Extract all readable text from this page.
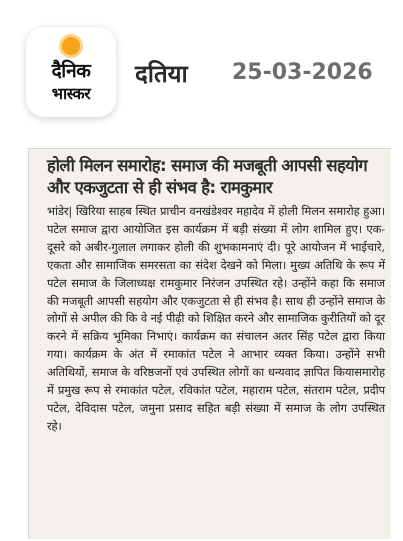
दैनिक
भास्कर
दतिया 25-03-2026
होली मिलन समारोह: समाज की मजबूती आपसी सहयोग और एकजुटता से ही संभव है: रामकुमार
भांडेर| खिरिया साहब स्थित प्राचीन वनखंडेश्वर महादेव में होली मिलन समारोह हुआ। पटेल समाज द्वारा आयोजित इस कार्यक्रम में बड़ी संख्या में लोग शामिल हुए। एक-दूसरे को अबीर-गुलाल लगाकर होली की शुभकामनाएं दी। पूरे आयोजन में भाईचारे, एकता और सामाजिक समरसता का संदेश देखने को मिला। मुख्य अतिथि के रूप में पटेल समाज के जिलाध्यक्ष रामकुमार निरंजन उपस्थित रहे। उन्होंने कहा कि समाज की मजबूती आपसी सहयोग और एकजुटता से ही संभव है। साथ ही उन्होंने समाज के लोगों से अपील की कि वे नई पीढ़ी को शिक्षित करने और सामाजिक कुरीतियों को दूर करने में सक्रिय भूमिका निभाएं। कार्यक्रम का संचालन अतर सिंह पटेल द्वारा किया गया। कार्यक्रम के अंत में रमाकांत पटेल ने आभार व्यक्त किया। उन्होंने सभी अतिथियों, समाज के वरिष्ठजनों एवं उपस्थित लोगों का धन्यवाद ज्ञापित कियासमारोह में प्रमुख रूप से रमाकांत पटेल, रविकांत पटेल, महाराम पटेल, संतराम पटेल, प्रदीप पटेल, देविदास पटेल, जमुना प्रसाद सहित बड़ी संख्या में समाज के लोग उपस्थित रहे।
